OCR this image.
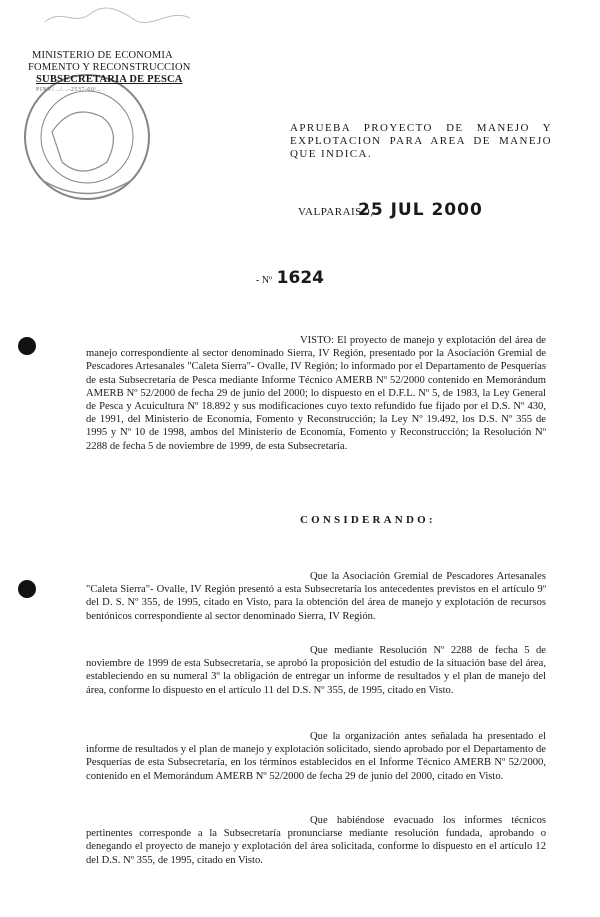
MINISTERIO DE ECONOMIA
FOMENTO Y RECONSTRUCCION
SUBSECRETARIA DE PESCA
PINV/.../...-2537-00/...
APRUEBA PROYECTO DE MANEJO Y EXPLOTACION PARA AREA DE MANEJO QUE INDICA.
VALPARAISO,
25 JUL 2000
- Nº 1624
VISTO: El proyecto de manejo y explotación del área de manejo correspondiente al sector denominado Sierra, IV Región, presentado por la Asociación Gremial de Pescadores Artesanales "Caleta Sierra"- Ovalle, IV Región; lo informado por el Departamento de Pesquerías de esta Subsecretaría de Pesca mediante Informe Técnico AMERB Nº 52/2000 contenido en Memorándum AMERB Nº 52/2000 de fecha 29 de junio del 2000; lo dispuesto en el D.F.L. Nº 5, de 1983, la Ley General de Pesca y Acuicultura Nº 18.892 y sus modificaciones cuyo texto refundido fue fijado por el D.S. Nº 430, de 1991, del Ministerio de Economía, Fomento y Reconstrucción; la Ley Nº 19.492, los D.S. Nº 355 de 1995 y Nº 10 de 1998, ambos del Ministerio de Economía, Fomento y Reconstrucción; la Resolución Nº 2288 de fecha 5 de noviembre de 1999, de esta Subsecretaría.
CONSIDERANDO:
Que la Asociación Gremial de Pescadores Artesanales "Caleta Sierra"- Ovalle, IV Región presentó a esta Subsecretaría los antecedentes previstos en el artículo 9º del D. S. Nº 355, de 1995, citado en Visto, para la obtención del área de manejo y explotación de recursos bentónicos correspondiente al sector denominado Sierra, IV Región.
Que mediante Resolución Nº 2288 de fecha 5 de noviembre de 1999 de esta Subsecretaría, se aprobó la proposición del estudio de la situación base del área, estableciendo en su numeral 3º la obligación de entregar un informe de resultados y el plan de manejo del área, conforme lo dispuesto en el artículo 11 del D.S. Nº 355, de 1995, citado en Visto.
Que la organización antes señalada ha presentado el informe de resultados y el plan de manejo y explotación solicitado, siendo aprobado por el Departamento de Pesquerías de esta Subsecretaría, en los términos establecidos en el Informe Técnico AMERB Nº 52/2000, contenido en el Memorándum AMERB Nº 52/2000 de fecha 29 de junio del 2000, citado en Visto.
Que habiéndose evacuado los informes técnicos pertinentes corresponde a la Subsecretaría pronunciarse mediante resolución fundada, aprobando o denegando el proyecto de manejo y explotación del área solicitada, conforme lo dispuesto en el artículo 12 del D.S. Nº 355, de 1995, citado en Visto.
